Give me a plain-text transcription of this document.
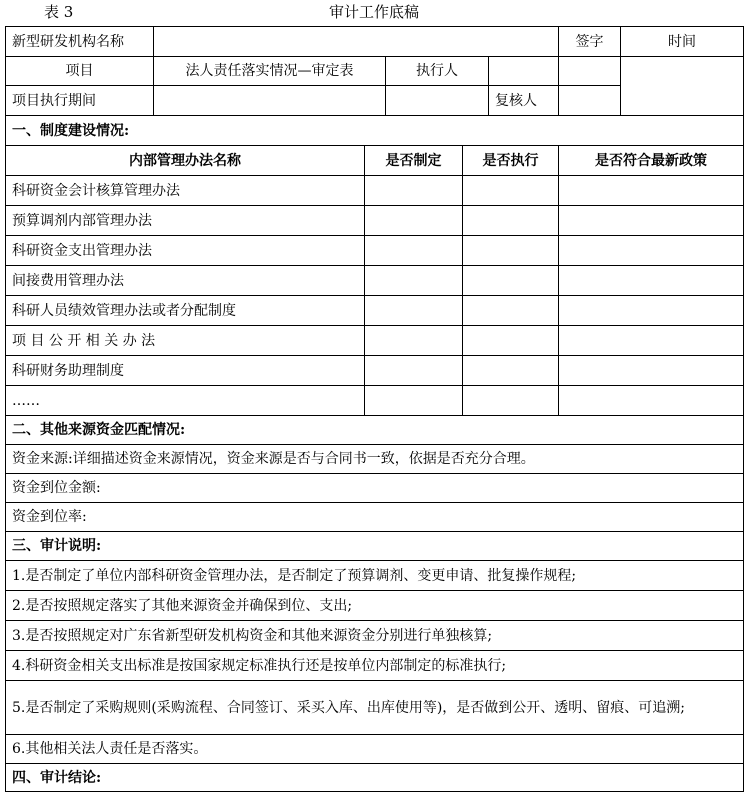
表 3	审计工作底稿
新型研发机构名称				签字	时间	
项目	法人责任落实情况—审定表	执行人				
项目执行期间			复核人			
一、制度建设情况:			
内部管理办法名称	是否制定	是否执行	是否符合最新政策
科研资金会计核算管理办法			
预算调剂内部管理办法			
科研资金支出管理办法			
间接费用管理办法			
科研人员绩效管理办法或者分配制度			
项 目 公 开 相 关 办 法			
科研财务助理制度			
……			
二、其他来源资金匹配情况:
资金来源:详细描述资金来源情况，资金来源是否与合同书一致，依据是否充分合理。
资金到位金额:
资金到位率:
三、审计说明:
1.是否制定了单位内部科研资金管理办法，是否制定了预算调剂、变更申请、批复操作规程;
2.是否按照规定落实了其他来源资金并确保到位、支出;
3.是否按照规定对广东省新型研发机构资金和其他来源资金分别进行单独核算;
4.科研资金相关支出标准是按国家规定标准执行还是按单位内部制定的标准执行;
5.是否制定了采购规则(采购流程、合同签订、采买入库、出库使用等)，是否做到公开、透明、留痕、可追溯;
6.其他相关法人责任是否落实。
四、审计结论:
